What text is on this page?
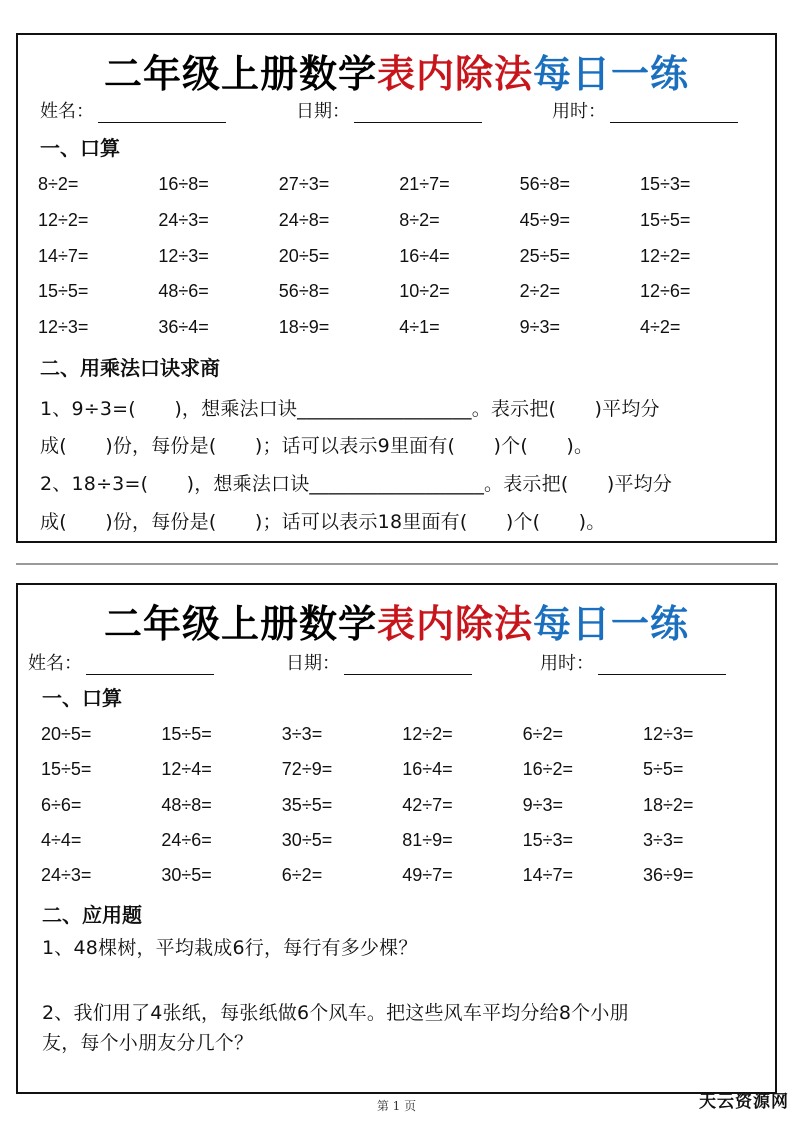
二年级上册数学表内除法每日一练
姓名：	日期：	用时：
一、口算
8÷2=	16÷8=	27÷3=	21÷7=	56÷8=	15÷3=
12÷2=	24÷3=	24÷8=	8÷2=	45÷9=	15÷5=
14÷7=	12÷3=	20÷5=	16÷4=	25÷5=	12÷2=
15÷5=	48÷6=	56÷8=	10÷2=	2÷2=	12÷6=
12÷3=	36÷4=	18÷9=	4÷1=	9÷3=	4÷2=
二、用乘法口诀求商
1、9÷3=(　　)，想乘法口诀__________________。表示把(　　)平均分
成(　　)份，每份是(　　)；话可以表示9里面有(　　)个(　　)。
2、18÷3=(　　)，想乘法口诀__________________。表示把(　　)平均分
成(　　)份，每份是(　　)；话可以表示18里面有(　　)个(　　)。
二年级上册数学表内除法每日一练
姓名：	日期：	用时：
一、口算
20÷5=	15÷5=	3÷3=	12÷2=	6÷2=	12÷3=
15÷5=	12÷4=	72÷9=	16÷4=	16÷2=	5÷5=
6÷6=	48÷8=	35÷5=	42÷7=	9÷3=	18÷2=
4÷4=	24÷6=	30÷5=	81÷9=	15÷3=	3÷3=
24÷3=	30÷5=	6÷2=	49÷7=	14÷7=	36÷9=
二、应用题
1、48棵树，平均栽成6行，每行有多少棵？
2、我们用了4张纸，每张纸做6个风车。把这些风车平均分给8个小朋
友，每个小朋友分几个？
第 1 页	天云资源网
